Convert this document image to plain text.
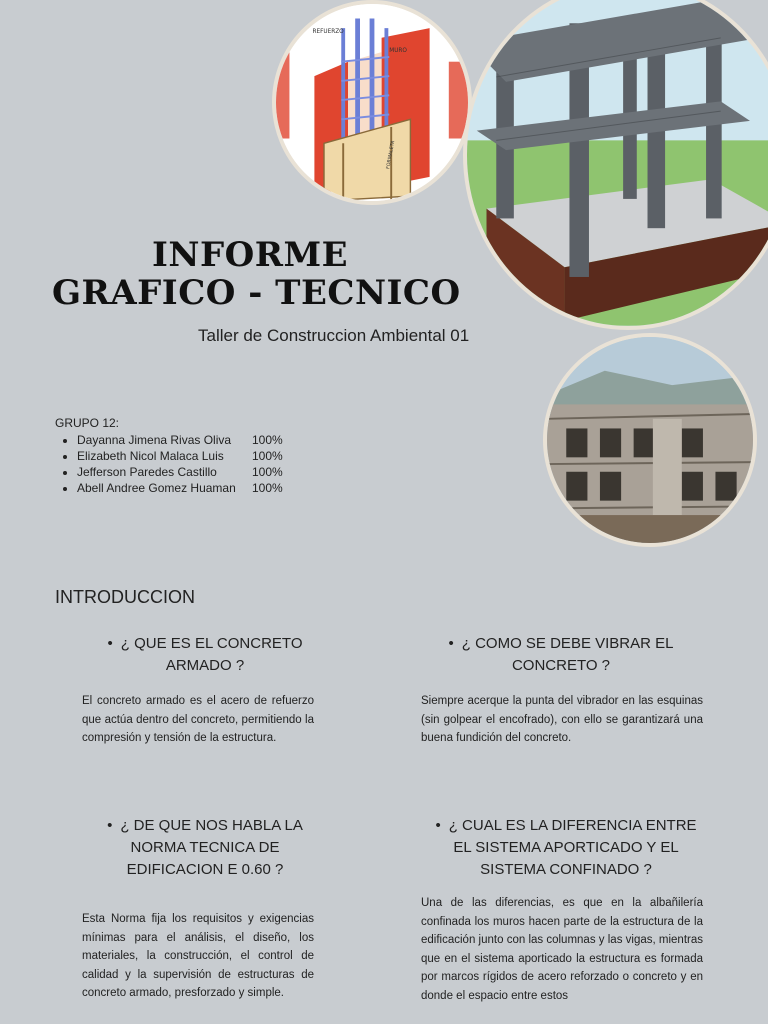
REFUERZO
MURO
FORMALETA
INFORME
GRAFICO - TECNICO
Taller de Construccion Ambiental 01
GRUPO 12:
• Dayanna Jimena Rivas Oliva 100%
• Elizabeth Nicol Malaca Luis 100%
• Jefferson Paredes Castillo	100%
• Abell Andree Gomez Huaman 100%
INTRODUCCION
• ¿ QUE ES EL CONCRETO ARMADO ?
El concreto armado es el acero de refuerzo que actúa dentro del concreto, permitiendo la compresión y tensión de la estructura.
• ¿ COMO SE DEBE VIBRAR EL CONCRETO ?
Siempre acerque la punta del vibrador en las esquinas (sin golpear el encofrado), con ello se garantizará una buena fundición del concreto.
• ¿ DE QUE NOS HABLA LA NORMA TECNICA DE EDIFICACION E 0.60 ?
Esta Norma fija los requisitos y exigencias mínimas para el análisis, el diseño, los materiales, la construcción, el control de calidad y la supervisión de estructuras de concreto armado, presforzado y simple.
• ¿ CUAL ES LA DIFERENCIA ENTRE EL SISTEMA APORTICADO Y EL SISTEMA CONFINADO ?
Una de las diferencias, es que en la albañilería confinada los muros hacen parte de la estructura de la edificación junto con las columnas y las vigas, mientras que en el sistema aporticado la estructura es formada por marcos rígidos de acero reforzado o concreto y en donde el espacio entre estos
